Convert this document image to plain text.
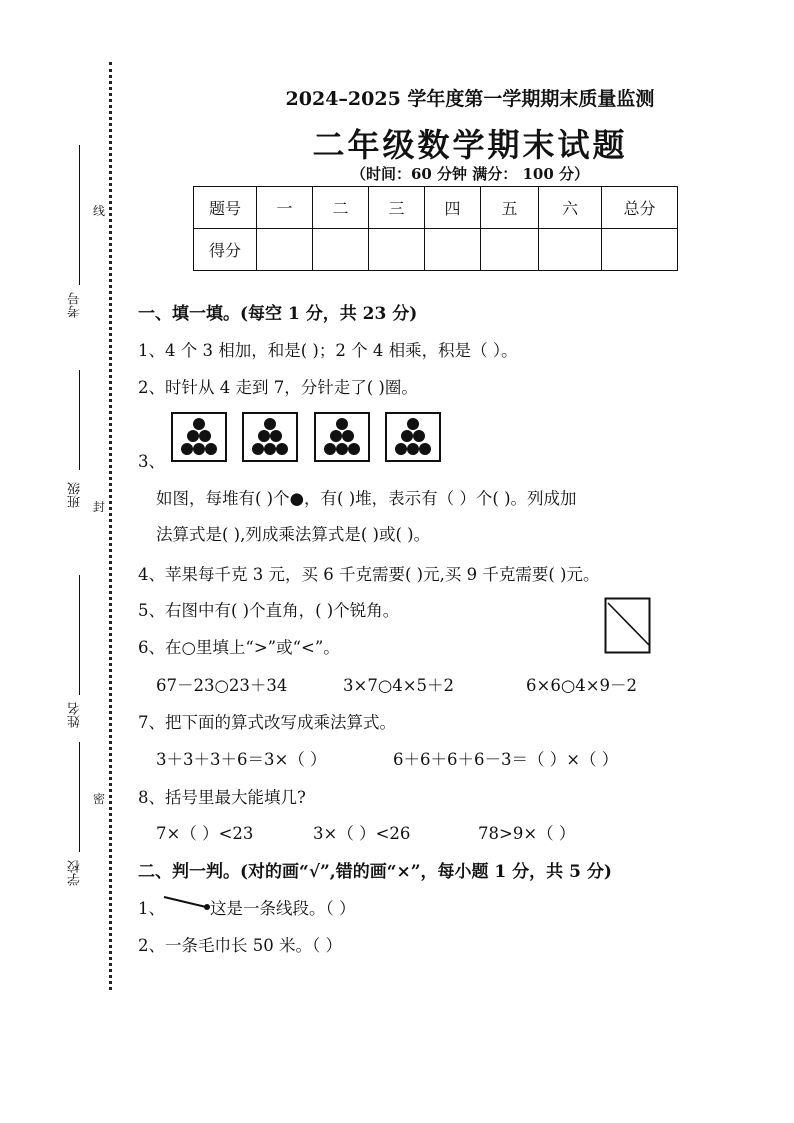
考号
班级
姓名
学校
线
封
密
2024–2025 学年度第一学期期末质量监测
二年级数学期末试题
（时间：60 分钟 满分： 100 分）
题号	一	二	三	四	五	六	总分
得分							
一、填一填。(每空 1 分，共 23 分)
1、4 个 3 相加，和是( )；2 个 4 相乘，积是（ ）。
2、时针从 4 走到 7，分针走了( )圈。
3、
如图，每堆有( )个●，有( )堆，表示有（ ）个( )。列成加
法算式是( ),列成乘法算式是( )或( )。
4、苹果每千克 3 元，买 6 千克需要( )元,买 9 千克需要( )元。
5、右图中有( )个直角，( )个锐角。
6、在○里填上“>”或“<”。
67－23○23＋34	3×7○4×5＋2	6×6○4×9－2
7、把下面的算式改写成乘法算式。
3＋3＋3＋6＝3×（ ）	6＋6＋6＋6－3＝（ ）×（ ）
8、括号里最大能填几?
7×（ ）<23	3×（ ）<26	78>9×（ ）
二、判一判。(对的画“√”,错的画“×”，每小题 1 分，共 5 分)
1、	这是一条线段。（ ）
2、一条毛巾长 50 米。（ ）
